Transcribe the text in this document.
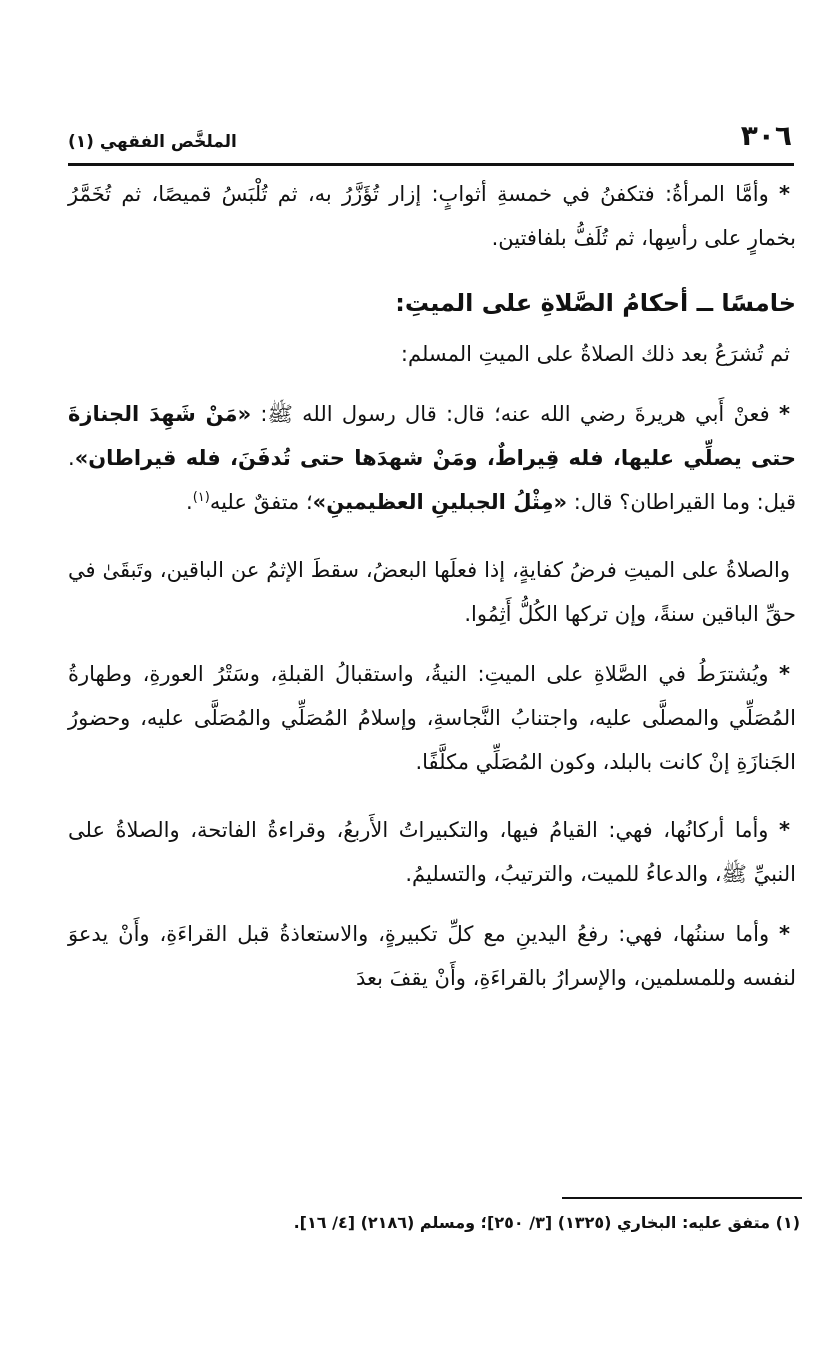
٣٠٦
الملخَّص الفقهي (١)

* وأمَّا المرأةُ: فتكفنُ في خمسةِ أثوابٍ: إزار تُؤَزَّرُ به، ثم تُلْبَسُ قميصًا، ثم تُخَمَّرُ بخمارٍ على رأسِها، ثم تُلَفُّ بلفافتين.

خامسًا ــ أحكامُ الصَّلاةِ على الميتِ:

ثم تُشرَعُ بعد ذلك الصلاةُ على الميتِ المسلم:

* فعنْ أَبي هريرةَ رضي الله عنه؛ قال: قال رسول الله ﷺ: «مَنْ شَهِدَ الجنازةَ حتى يصلِّي عليها، فله قِيراطٌ، ومَنْ شهدَها حتى تُدفَنَ، فله قيراطان». قيل: وما القيراطان؟ قال: «مِثْلُ الجبلينِ العظيمينِ»؛ متفقٌ عليه$^{(١)}$.

والصلاةُ على الميتِ فرضُ كفايةٍ، إذا فعلَها البعضُ، سقطَ الإثمُ عن الباقين، وتَبقَىٰ في حقِّ الباقين سنةً، وإن تركها الكُلُّ أَثِمُوا.

* ويُشترَطُ في الصَّلاةِ على الميتِ: النيةُ، واستقبالُ القبلةِ، وسَتْرُ العورةِ، وطهارةُ المُصَلِّي والمصلَّى عليه، واجتنابُ النَّجاسةِ، وإسلامُ المُصَلِّي والمُصَلَّى عليه، وحضورُ الجَنازَةِ إنْ كانت بالبلد، وكون المُصَلِّي مكلَّفًا.

* وأما أركانُها، فهي: القيامُ فيها، والتكبيراتُ الأَربعُ، وقراءةُ الفاتحة، والصلاةُ على النبيِّ ﷺ، والدعاءُ للميت، والترتيبُ، والتسليمُ.

* وأما سننُها، فهي: رفعُ اليدينِ مع كلِّ تكبيرةٍ، والاستعاذةُ قبل القراءَةِ، وأَنْ يدعوَ لنفسه وللمسلمين، والإسرارُ بالقراءَةِ، وأَنْ يقفَ بعدَ

(١) متفق عليه: البخاري (١٣٢٥) [٣/ ٢٥٠]؛ ومسلم (٢١٨٦) [٤/ ١٦].
